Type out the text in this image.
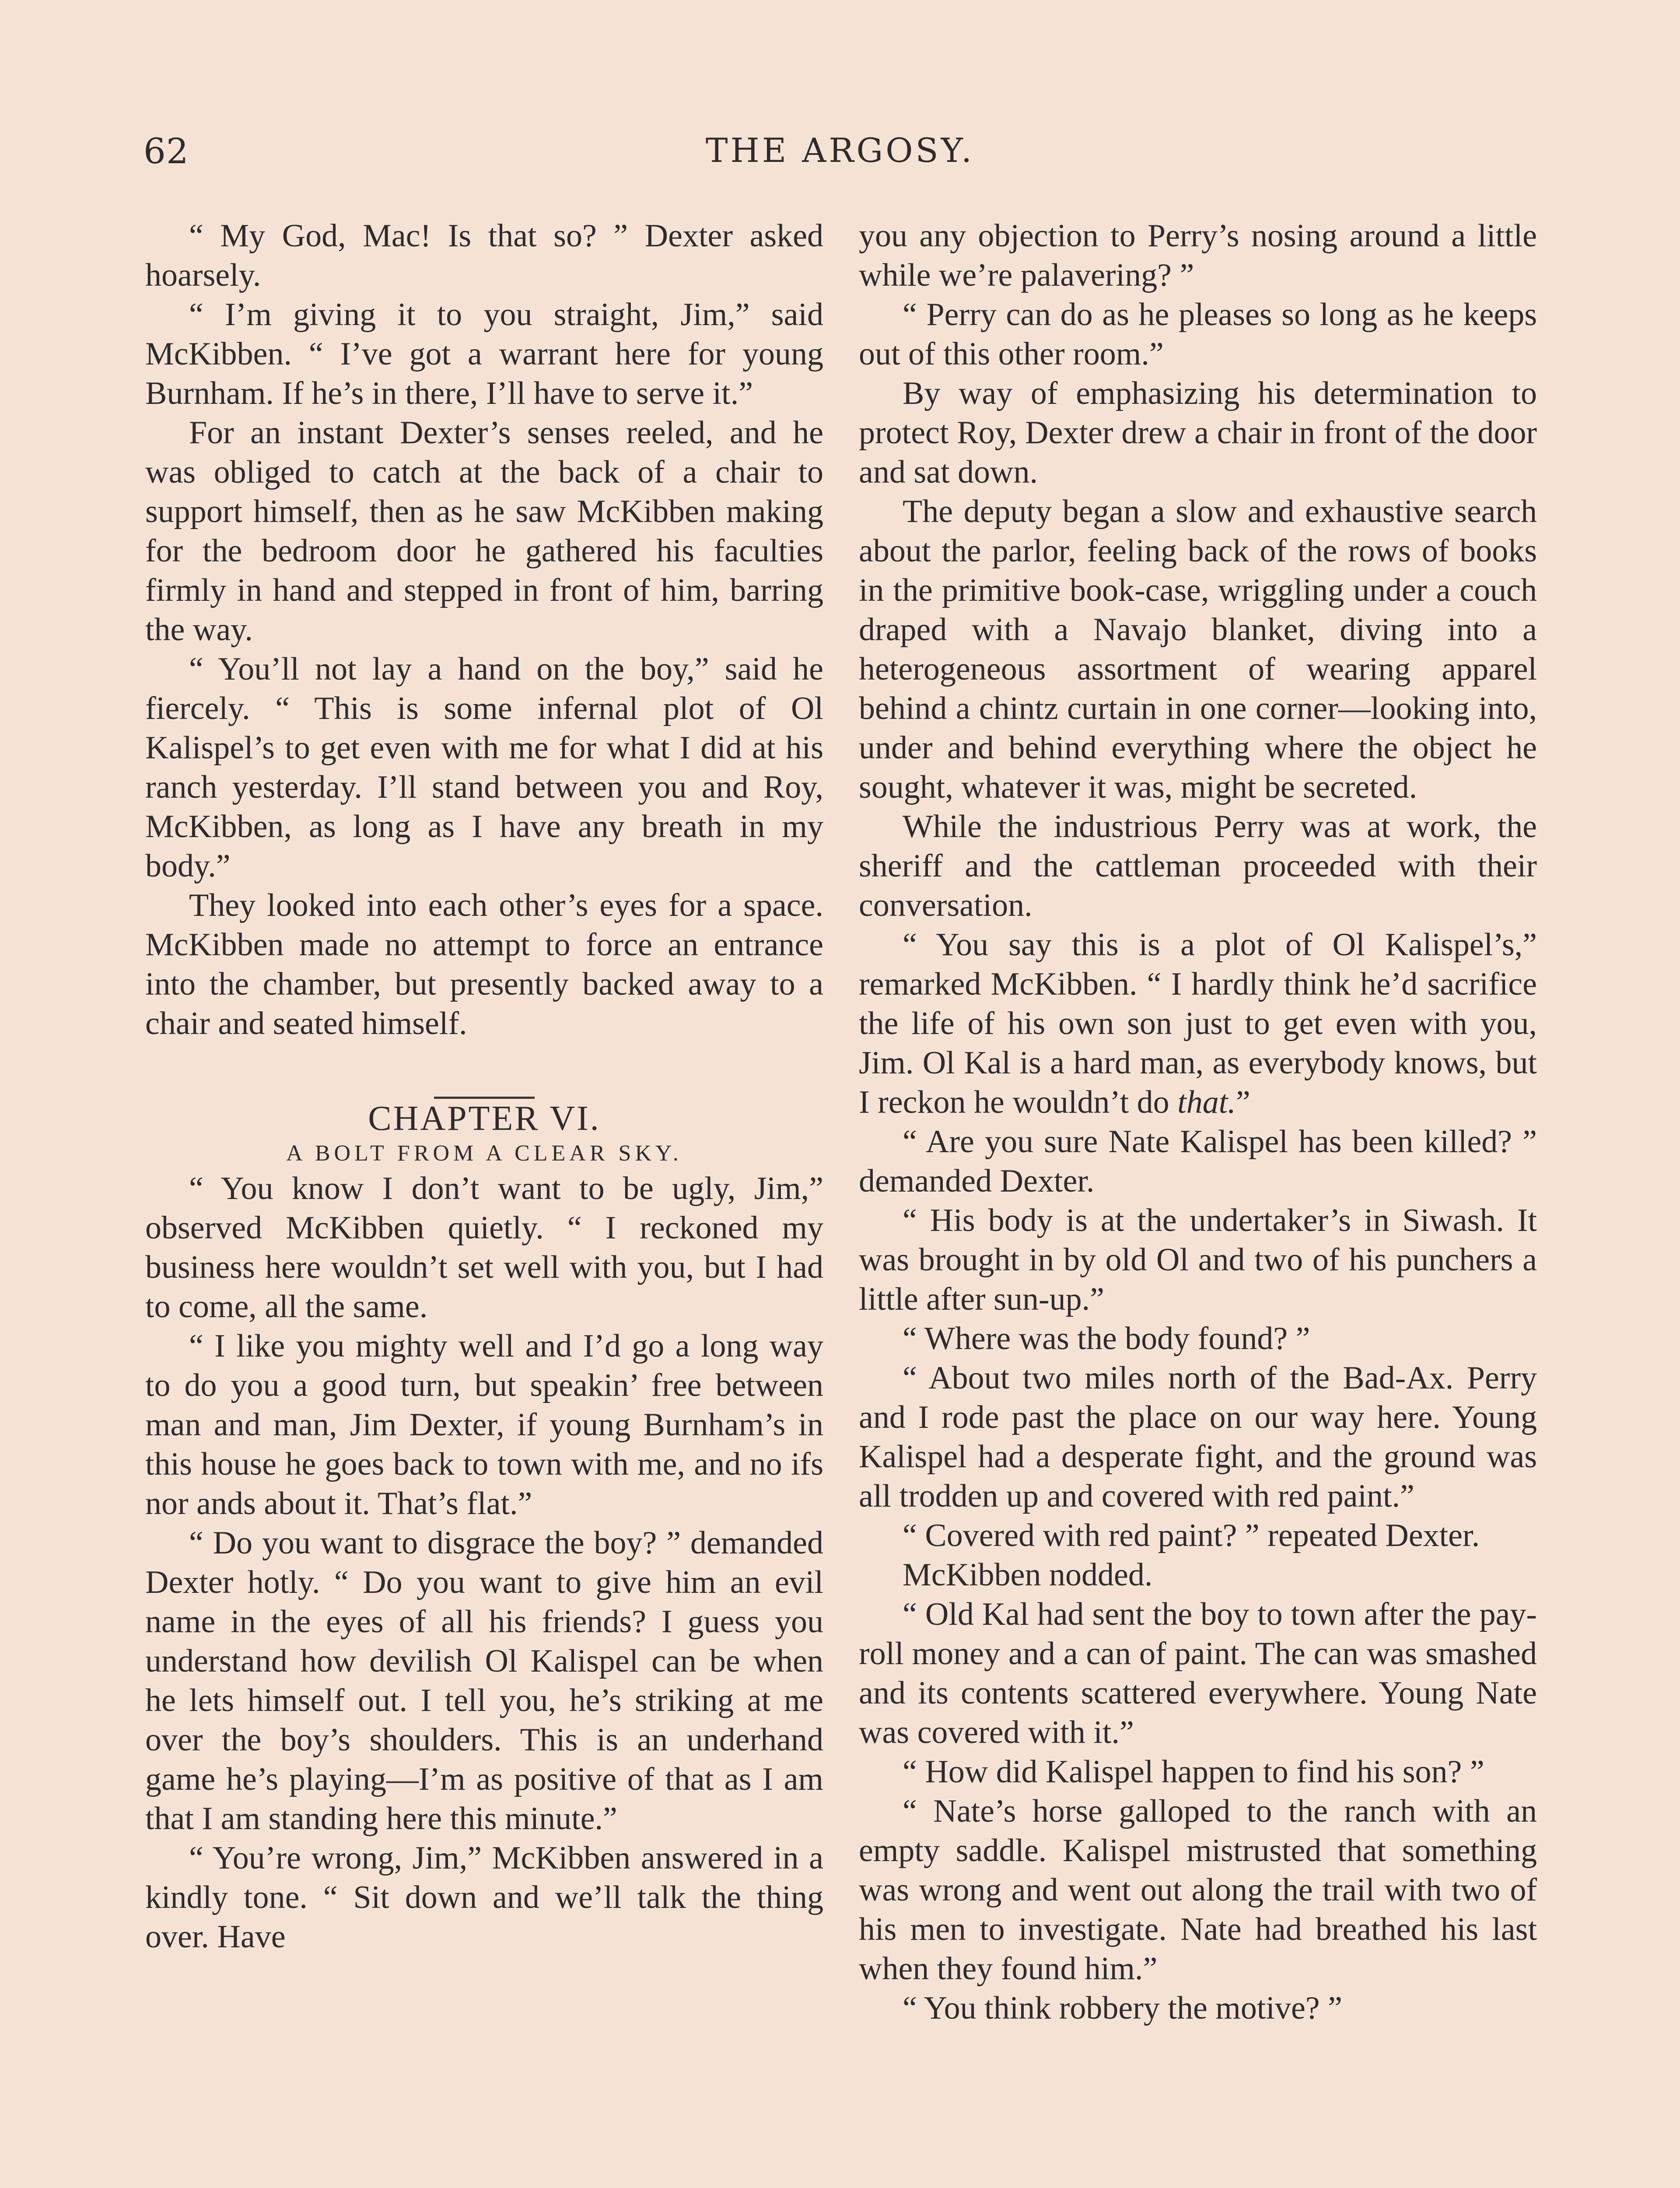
62	THE ARGOSY.

“ My God, Mac! Is that so? ” Dexter asked hoarsely.

“ I’m giving it to you straight, Jim,” said McKibben. “ I’ve got a warrant here for young Burnham. If he’s in there, I’ll have to serve it.”

For an instant Dexter’s senses reeled, and he was obliged to catch at the back of a chair to support himself, then as he saw McKibben making for the bedroom door he gathered his faculties firmly in hand and stepped in front of him, barring the way.

“ You’ll not lay a hand on the boy,” said he fiercely. “ This is some infernal plot of Ol Kalispel’s to get even with me for what I did at his ranch yesterday. I’ll stand between you and Roy, McKibben, as long as I have any breath in my body.”

They looked into each other’s eyes for a space. McKibben made no attempt to force an entrance into the chamber, but presently backed away to a chair and seated himself.

CHAPTER VI.

A BOLT FROM A CLEAR SKY.

“ You know I don’t want to be ugly, Jim,” observed McKibben quietly. “ I reckoned my business here wouldn’t set well with you, but I had to come, all the same.

“ I like you mighty well and I’d go a long way to do you a good turn, but speakin’ free between man and man, Jim Dexter, if young Burnham’s in this house he goes back to town with me, and no ifs nor ands about it. That’s flat.”

“ Do you want to disgrace the boy? ” demanded Dexter hotly. “ Do you want to give him an evil name in the eyes of all his friends? I guess you understand how devilish Ol Kalispel can be when he lets himself out. I tell you, he’s striking at me over the boy’s shoulders. This is an underhand game he’s playing—I’m as positive of that as I am that I am standing here this minute.”

“ You’re wrong, Jim,” McKibben answered in a kindly tone. “ Sit down and we’ll talk the thing over. Have

you any objection to Perry’s nosing around a little while we’re palavering? ”

“ Perry can do as he pleases so long as he keeps out of this other room.”

By way of emphasizing his determination to protect Roy, Dexter drew a chair in front of the door and sat down.

The deputy began a slow and exhaustive search about the parlor, feeling back of the rows of books in the primitive book-case, wriggling under a couch draped with a Navajo blanket, diving into a heterogeneous assortment of wearing apparel behind a chintz curtain in one corner—looking into, under and behind everything where the object he sought, whatever it was, might be secreted.

While the industrious Perry was at work, the sheriff and the cattleman proceeded with their conversation.

“ You say this is a plot of Ol Kalispel’s,” remarked McKibben. “ I hardly think he’d sacrifice the life of his own son just to get even with you, Jim. Ol Kal is a hard man, as everybody knows, but I reckon he wouldn’t do that.”

“ Are you sure Nate Kalispel has been killed? ” demanded Dexter.

“ His body is at the undertaker’s in Siwash. It was brought in by old Ol and two of his punchers a little after sun-up.”

“ Where was the body found? ”

“ About two miles north of the Bad-Ax. Perry and I rode past the place on our way here. Young Kalispel had a desperate fight, and the ground was all trodden up and covered with red paint.”

“ Covered with red paint? ” repeated Dexter.

McKibben nodded.

“ Old Kal had sent the boy to town after the pay-roll money and a can of paint. The can was smashed and its contents scattered everywhere. Young Nate was covered with it.”

“ How did Kalispel happen to find his son? ”

“ Nate’s horse galloped to the ranch with an empty saddle. Kalispel mistrusted that something was wrong and went out along the trail with two of his men to investigate. Nate had breathed his last when they found him.”

“ You think robbery the motive? ”
